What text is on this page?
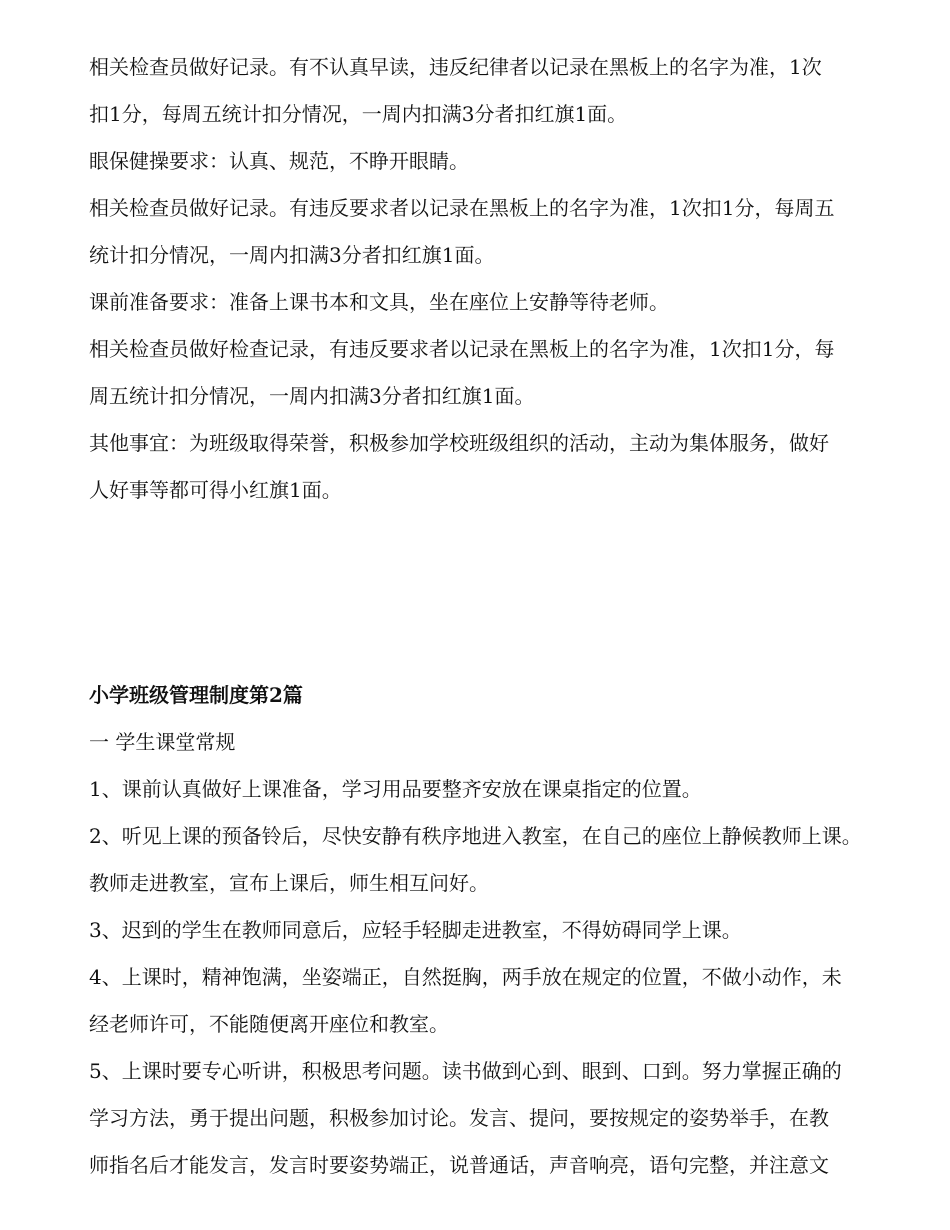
相关检查员做好记录。有不认真早读，违反纪律者以记录在黑板上的名字为准，1次

扣1分，每周五统计扣分情况，一周内扣满3分者扣红旗1面。

眼保健操要求：认真、规范，不睁开眼睛。

相关检查员做好记录。有违反要求者以记录在黑板上的名字为准，1次扣1分，每周五

统计扣分情况，一周内扣满3分者扣红旗1面。

课前准备要求：准备上课书本和文具，坐在座位上安静等待老师。

相关检查员做好检查记录，有违反要求者以记录在黑板上的名字为准，1次扣1分，每

周五统计扣分情况，一周内扣满3分者扣红旗1面。

其他事宜：为班级取得荣誉，积极参加学校班级组织的活动，主动为集体服务，做好

人好事等都可得小红旗1面。

小学班级管理制度第2篇

一 学生课堂常规

1、课前认真做好上课准备，学习用品要整齐安放在课桌指定的位置。

2、听见上课的预备铃后，尽快安静有秩序地进入教室，在自己的座位上静候教师上课。

教师走进教室，宣布上课后，师生相互问好。

3、迟到的学生在教师同意后，应轻手轻脚走进教室，不得妨碍同学上课。

4、上课时，精神饱满，坐姿端正，自然挺胸，两手放在规定的位置，不做小动作，未

经老师许可，不能随便离开座位和教室。

5、上课时要专心听讲，积极思考问题。读书做到心到、眼到、口到。努力掌握正确的

学习方法，勇于提出问题，积极参加讨论。发言、提问，要按规定的姿势举手，在教

师指名后才能发言，发言时要姿势端正，说普通话，声音响亮，语句完整，并注意文
